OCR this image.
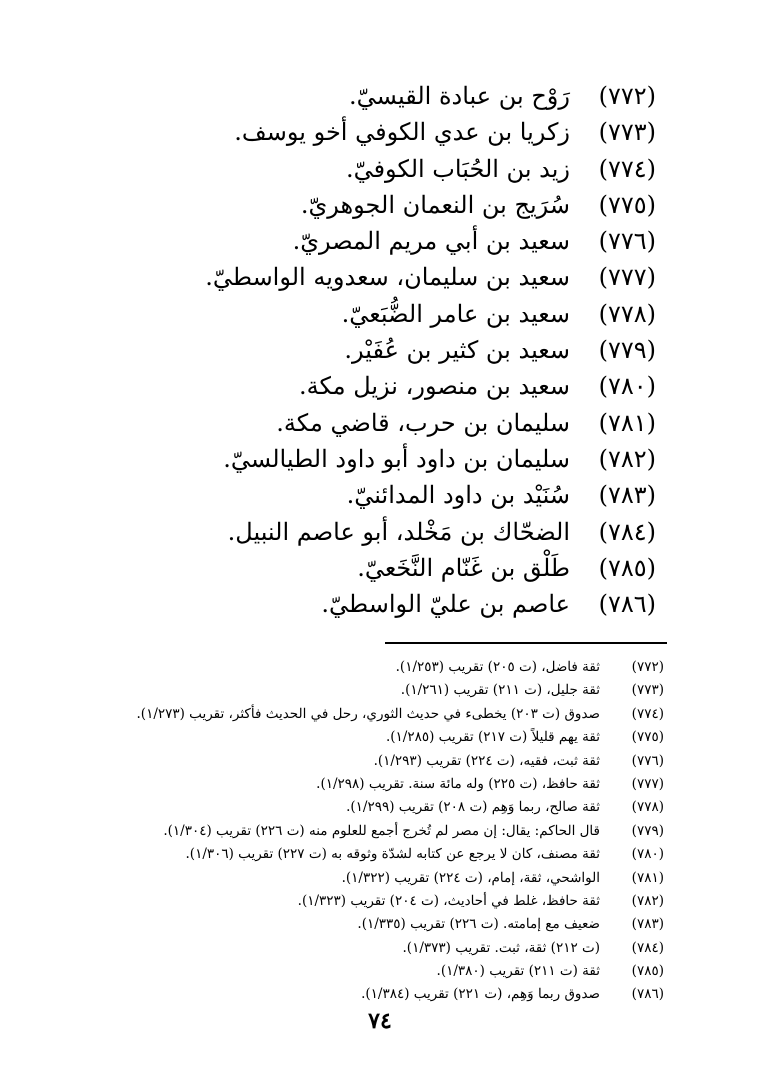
(٧٧٢)رَوْح بن عبادة القيسيّ.
(٧٧٣)زكريا بن عدي الكوفي أخو يوسف.
(٧٧٤)زيد بن الحُبَاب الكوفيّ.
(٧٧٥)سُرَيج بن النعمان الجوهريّ.
(٧٧٦)سعيد بن أبي مريم المصريّ.
(٧٧٧)سعيد بن سليمان، سعدويه الواسطيّ.
(٧٧٨)سعيد بن عامر الضُّبَعيّ.
(٧٧٩)سعيد بن كثير بن عُفَيْر.
(٧٨٠)سعيد بن منصور، نزيل مكة.
(٧٨١)سليمان بن حرب، قاضي مكة.
(٧٨٢)سليمان بن داود أبو داود الطيالسيّ.
(٧٨٣)سُنَيْد بن داود المدائنيّ.
(٧٨٤)الضحّاك بن مَخْلد، أبو عاصم النبيل.
(٧٨٥)طَلْق بن غَنّام النَّخَعيّ.
(٧٨٦)عاصم بن عليّ الواسطيّ.
(٧٧٢)ثقة فاضل، (ت ٢٠٥) تقريب (١/٢٥٣).
(٧٧٣)ثقة جليل، (ت ٢١١) تقريب (١/٢٦١).
(٧٧٤)صدوق (ت ٢٠٣) يخطىء في حديث الثوري، رحل في الحديث فأكثر، تقريب (١/٢٧٣).
(٧٧٥)ثقة يهم قليلاً (ت ٢١٧) تقريب (١/٢٨٥).
(٧٧٦)ثقة ثبت، فقيه، (ت ٢٢٤) تقريب (١/٢٩٣).
(٧٧٧)ثقة حافظ، (ت ٢٢٥) وله مائة سنة. تقريب (١/٢٩٨).
(٧٧٨)ثقة صالح، ربما وَهِم (ت ٢٠٨) تقريب (١/٢٩٩).
(٧٧٩)قال الحاكم: يقال: إن مصر لم تُخرج أجمع للعلوم منه (ت ٢٢٦) تقريب (١/٣٠٤).
(٧٨٠)ثقة مصنف، كان لا يرجع عن كتابه لشدّة وثوقه به (ت ٢٢٧) تقريب (١/٣٠٦).
(٧٨١)الواشحي، ثقة، إمام، (ت ٢٢٤) تقريب (١/٣٢٢).
(٧٨٢)ثقة حافظ، غلط في أحاديث، (ت ٢٠٤) تقريب (١/٣٢٣).
(٧٨٣)ضعيف مع إمامته. (ت ٢٢٦) تقريب (١/٣٣٥).
(٧٨٤)(ت ٢١٢) ثقة، ثبت. تقريب (١/٣٧٣).
(٧٨٥)ثقة (ت ٢١١) تقريب (١/٣٨٠).
(٧٨٦)صدوق ربما وَهِم، (ت ٢٢١) تقريب (١/٣٨٤).
٧٤
